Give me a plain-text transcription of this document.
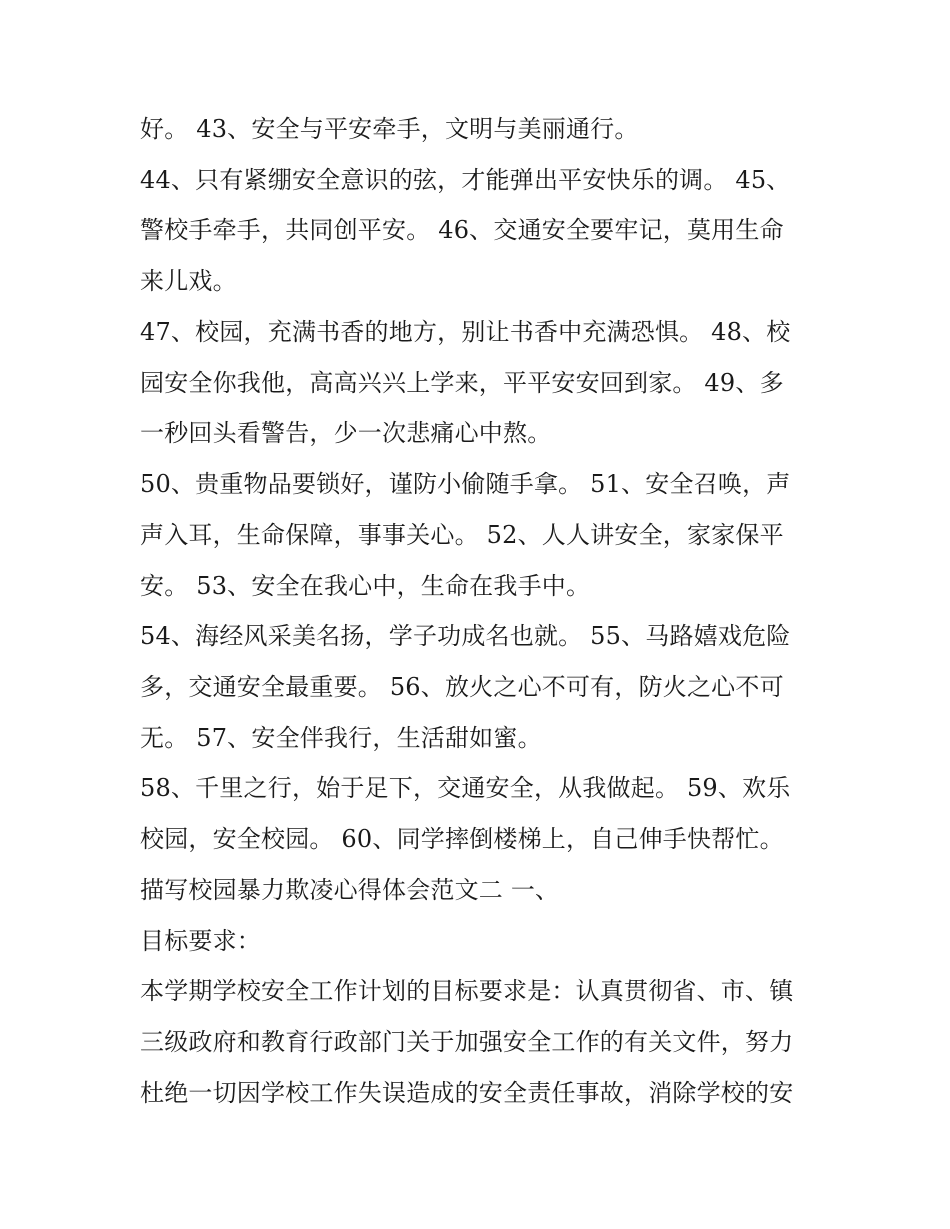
好。 43、安全与平安牵手，文明与美丽通行。
44、只有紧绷安全意识的弦，才能弹出平安快乐的调。 45、
警校手牵手，共同创平安。 46、交通安全要牢记，莫用生命
来儿戏。
47、校园，充满书香的地方，别让书香中充满恐惧。 48、校
园安全你我他，高高兴兴上学来，平平安安回到家。 49、多
一秒回头看警告，少一次悲痛心中熬。
50、贵重物品要锁好，谨防小偷随手拿。 51、安全召唤，声
声入耳，生命保障，事事关心。 52、人人讲安全，家家保平
安。 53、安全在我心中，生命在我手中。
54、海经风采美名扬，学子功成名也就。 55、马路嬉戏危险
多，交通安全最重要。 56、放火之心不可有，防火之心不可
无。 57、安全伴我行，生活甜如蜜。
58、千里之行，始于足下，交通安全，从我做起。 59、欢乐
校园，安全校园。 60、同学摔倒楼梯上，自己伸手快帮忙。
描写校园暴力欺凌心得体会范文二 一、
目标要求：
本学期学校安全工作计划的目标要求是：认真贯彻省、市、镇
三级政府和教育行政部门关于加强安全工作的有关文件，努力
杜绝一切因学校工作失误造成的安全责任事故，消除学校的安
